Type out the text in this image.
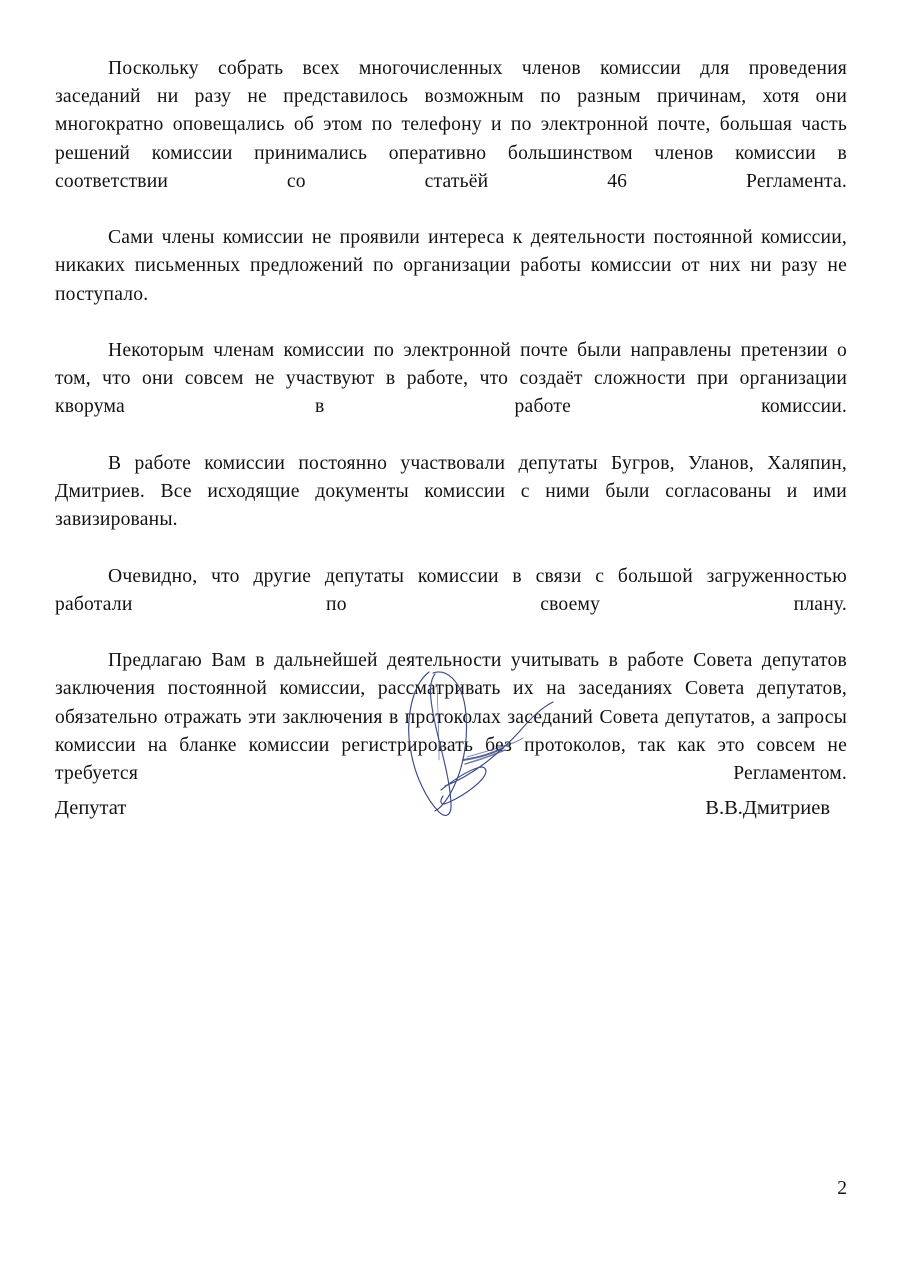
Поскольку собрать всех многочисленных членов комиссии для проведения заседаний ни разу не представилось возможным по разным причинам, хотя они многократно оповещались об этом по телефону и по электронной почте, большая часть решений комиссии принимались оперативно большинством членов комиссии в соответствии со статьёй 46 Регламента.

Сами члены комиссии не проявили интереса к деятельности постоянной комиссии, никаких письменных предложений по организации работы комиссии от них ни разу не поступало.

Некоторым членам комиссии по электронной почте были направлены претензии о том, что они совсем не участвуют в работе, что создаёт сложности при организации кворума в работе комиссии.

В работе комиссии постоянно участвовали депутаты Бугров, Уланов, Халяпин, Дмитриев. Все исходящие документы комиссии с ними были согласованы и ими завизированы.

Очевидно, что другие депутаты комиссии в связи с большой загруженностью работали по своему плану.

Предлагаю Вам в дальнейшей деятельности учитывать в работе Совета депутатов заключения постоянной комиссии, рассматривать их на заседаниях Совета депутатов, обязательно отражать эти заключения в протоколах заседаний Совета депутатов, а запросы комиссии на бланке комиссии регистрировать без протоколов, так как это совсем не требуется Регламентом.

Депутат	В.В.Дмитриев
2
